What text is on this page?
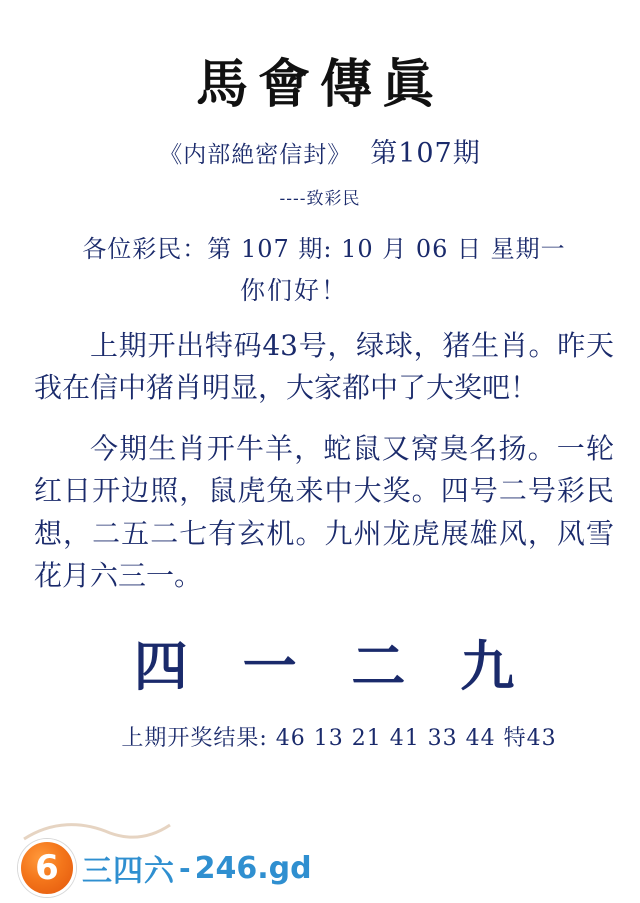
馬會傳眞
《内部絶密信封》 第107期
----致彩民
各位彩民：第 107 期: 10 月 06 日 星期一
你们好！
上期开出特码43号，绿球，猪生肖。昨天我在信中猪肖明显，大家都中了大奖吧！
今期生肖开牛羊，蛇鼠又窝臭名扬。一轮红日开边照，鼠虎兔来中大奖。四号二号彩民想，二五二七有玄机。九州龙虎展雄风，风雪花月六三一。
四 一 二 九
上期开奖结果: 46 13 21 41 33 44 特43
6 三四六 - 246.gd
